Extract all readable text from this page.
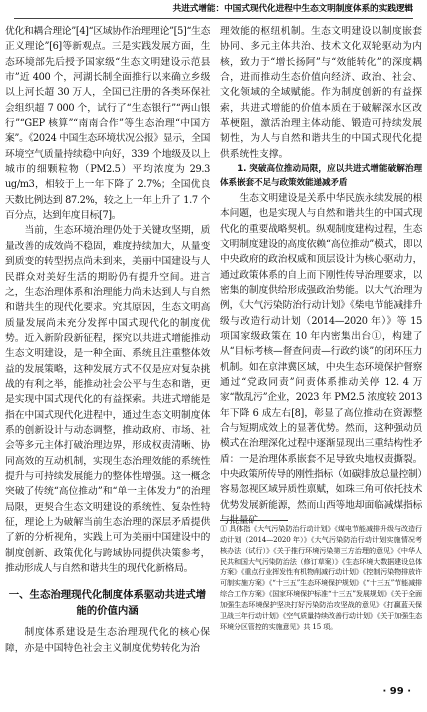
共进式增能：中国式现代化进程中生态文明制度体系的实践逻辑

优化和耦合理论”[4]“区域协作治理理论”[5]“生态正义理论”[6]等新观点。三是实践发展方面，生态环境部先后授予国家级“生态文明建设示范县市”近 400 个，河湖长制全面推行以来确立乡级以上河长超 30 万人，全国已注册的各类环保社会组织超 7 000 个，试行了“生态银行”“两山银行”“GEP 核算”“南南合作”等生态治理“中国方案”。《2024 中国生态环境状况公报》显示，全国环境空气质量持续稳中向好，339 个地级及以上城市的细颗粒物（PM2.5）平均浓度为 29.3 ug/m3，相较于上一年下降了 2.7%；全国优良天数比例达到 87.2%，较之上一年上升了 1.7 个百分点，达到年度目标[7]。

当前，生态环境治理仍处于关键攻坚期，质量改善的成效尚不稳固，难度持续加大，从量变到质变的转型拐点尚未到来，美丽中国建设与人民群众对美好生活的期盼仍有提升空间。进言之，生态治理体系和治理能力尚未达到人与自然和谐共生的现代化要求。究其原因，生态文明高质量发展尚未充分发挥中国式现代化的制度优势。近入新阶段新征程，探究以共进式增能推动生态文明建设，是一种全面、系统且注重整体效益的发展策略，这种发展方式不仅是应对复杂挑战的有利之举，能推动社会公平与生态和谐，更是实现中国式现代化的有益探索。共进式增能是指在中国式现代化进程中，通过生态文明制度体系的创新设计与动态调整，推动政府、市场、社会等多元主体打破治理边界，形成权责清晰、协同高效的互动机制，实现生态治理效能的系统性提升与可持续发展能力的整体性增强。这一概念突破了传统“高位推动”和“单一主体发力”的治理局限，更契合生态文明建设的系统性、复杂性特征，理论上为破解当前生态治理的深层矛盾提供了新的分析视角，实践上可为美丽中国建设中的制度创新、政策优化与跨域协同提供决策参考，推动形成人与自然和谐共生的现代化新格局。

一、生态治理现代化制度体系驱动共进式增能的价值内涵

制度体系建设是生态治理现代化的核心保障，亦是中国特色社会主义制度优势转化为治

理效能的枢纽机制。生态文明建设以制度嵌套协同、多元主体共治、技术文化双轮驱动为内核，致力于“增长扬阿”与“效能转化”的深度耦合，进而推动生态价值向经济、政治、社会、文化领域的全域赋能。作为制度创新的有益探索，共进式增能的价值本质在于破解深水区改革梗阻，激活治理主体动能、锻造可持续发展韧性，为人与自然和谐共生的中国式现代化提供系统性支撑。

1. 突破高位推动局限，应以共进式增能破解治理体系嵌套不足与政策效能递减矛盾

生态文明建设是关系中华民族永续发展的根本问题，也是实现人与自然和谐共生的中国式现代化的重要战略契机。纵观制度建构过程，生态文明制度建设的高度依赖“高位推动”模式，即以中央政府的政治权威和顶层设计为核心驱动力，通过政策体系的自上而下刚性传导治理要求，以密集的制度供给形成强政治势能。以大气治理为例，《大气污染防治行动计划》《柴电节能减排升级与改造行动计划（2014—2020 年）》等 15 项国家级政策在 10 年内密集出台①，构建了从“目标考核—督查问责—行政约谈”的闭环压力机制。如在京津冀区域，中央生态环境保护督察通过“党政同责”问责体系推动关停 12. 4 万家“散乱污”企业，2023 年 PM2.5 浓度较 2013 年下降 6 成左右[8]，彰显了高位推动在资源整合与短期成效上的显著优势。然而，这种强动员模式在治理深化过程中逐渐显现出三重结构性矛盾：一是治理体系嵌套不足导致央地权责撕裂。中央政策所传导的刚性指标（如碳排放总量控制）容易忽视区域异质性禀赋，如珠三角可依托技术优势发展新能源，然而山西等地却面临减煤指标与批量矿

① 具体指《大气污染防治行动计划》《煤电节能减排升级与改造行动计划（2014—2020 年）》《大气污染防治行动计划实施情况考核办法（试行）》《关于推行环境污染第三方治理的意见》《中华人民共和国大气污染防治法（修订草案）》《生态环境大数据建设总体方案》《重点行业挥发性有机物削减行动计划》《控制污染物排放许可制实施方案》《“十三五”生态环境保护规划》《“十三五”节能减排综合工作方案》《国家环境保护标准“十三五”发展规划》《关于全面加强生态环境保护坚决打好污染防治攻坚战的意见》《打赢蓝天保卫战三年行动计划》《空气质量持续改善行动计划》《关于加强生态环境分区管控的实施意见》共 15 项。
· 99 ·
